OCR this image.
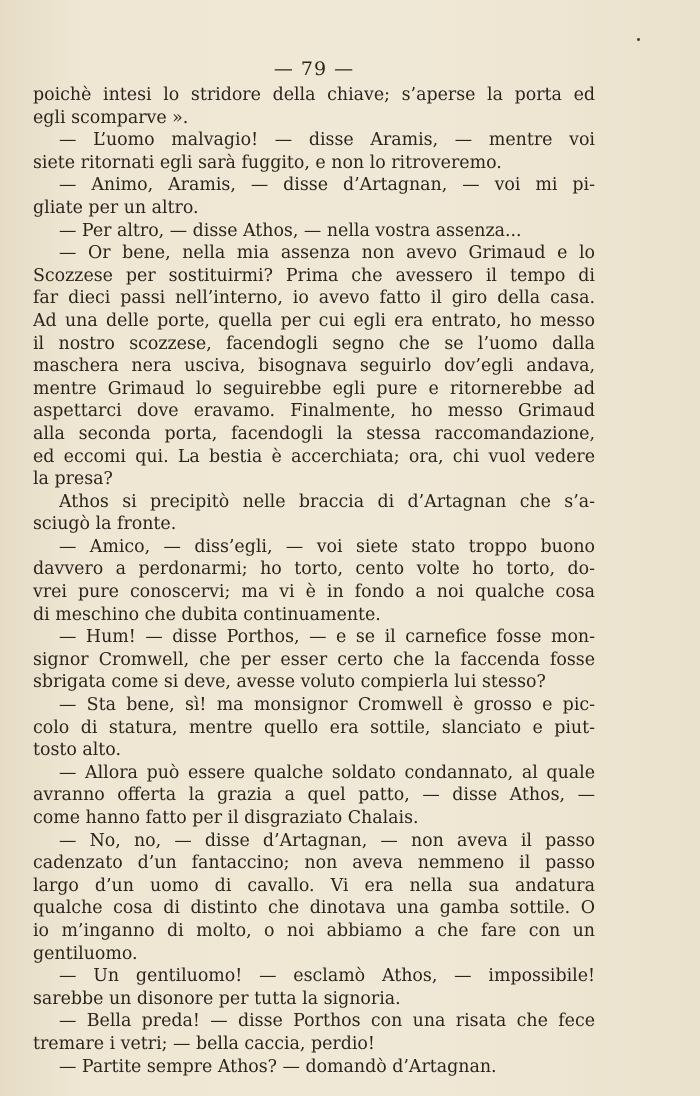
— 79 —
poichè intesi lo stridore della chiave; s’aperse la porta ed
egli scomparve ».
— L’uomo malvagio! — disse Aramis, — mentre voi
siete ritornati egli sarà fuggito, e non lo ritroveremo.
— Animo, Aramis, — disse d’Artagnan, — voi mi pi-
gliate per un altro.
— Per altro, — disse Athos, — nella vostra assenza...
— Or bene, nella mia assenza non avevo Grimaud e lo
Scozzese per sostituirmi? Prima che avessero il tempo di
far dieci passi nell’interno, io avevo fatto il giro della casa.
Ad una delle porte, quella per cui egli era entrato, ho messo
il nostro scozzese, facendogli segno che se l’uomo dalla
maschera nera usciva, bisognava seguirlo dov’egli andava,
mentre Grimaud lo seguirebbe egli pure e ritornerebbe ad
aspettarci dove eravamo. Finalmente, ho messo Grimaud
alla seconda porta, facendogli la stessa raccomandazione,
ed eccomi qui. La bestia è accerchiata; ora, chi vuol vedere
la presa?
Athos si precipitò nelle braccia di d’Artagnan che s’a-
sciugò la fronte.
— Amico, — diss’egli, — voi siete stato troppo buono
davvero a perdonarmi; ho torto, cento volte ho torto, do-
vrei pure conoscervi; ma vi è in fondo a noi qualche cosa
di meschino che dubita continuamente.
— Hum! — disse Porthos, — e se il carnefice fosse mon-
signor Cromwell, che per esser certo che la faccenda fosse
sbrigata come si deve, avesse voluto compierla lui stesso?
— Sta bene, sì! ma monsignor Cromwell è grosso e pic-
colo di statura, mentre quello era sottile, slanciato e piut-
tosto alto.
— Allora può essere qualche soldato condannato, al quale
avranno offerta la grazia a quel patto, — disse Athos, —
come hanno fatto per il disgraziato Chalais.
— No, no, — disse d’Artagnan, — non aveva il passo
cadenzato d’un fantaccino; non aveva nemmeno il passo
largo d’un uomo di cavallo. Vi era nella sua andatura
qualche cosa di distinto che dinotava una gamba sottile. O
io m’inganno di molto, o noi abbiamo a che fare con un
gentiluomo.
— Un gentiluomo! — esclamò Athos, — impossibile!
sarebbe un disonore per tutta la signoria.
— Bella preda! — disse Porthos con una risata che fece
tremare i vetri; — bella caccia, perdio!
— Partite sempre Athos? — domandò d’Artagnan.
